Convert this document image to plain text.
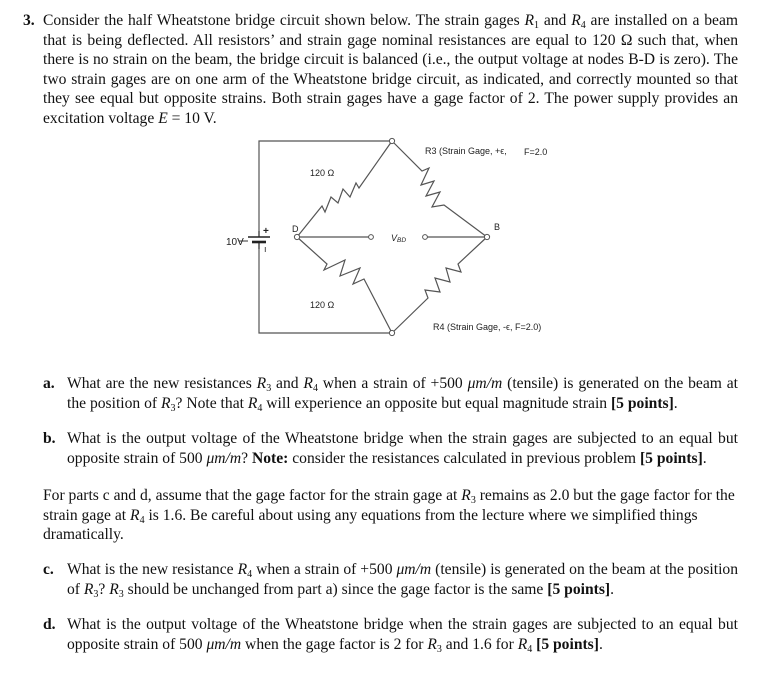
3. Consider the half Wheatstone bridge circuit shown below. The strain gages $R_1$ and $R_4$ are installed on a beam that is being deflected. All resistors’ and strain gage nominal resistances are equal to 120 Ω such that, when there is no strain on the beam, the bridge circuit is balanced (i.e., the output voltage at nodes B-D is zero). The two strain gages are on one arm of the Wheatstone bridge circuit, as indicated, and correctly mounted so that they see equal but opposite strains. Both strain gages have a gage factor of 2. The power supply provides an excitation voltage E = 10 V.
10V
+
ı
D	B
VBD
120 Ω
120 Ω
R3 (Strain Gage, +ϵ, F=2.0
R4 (Strain Gage, -ϵ, F=2.0)
a. What are the new resistances $R_3$ and $R_4$ when a strain of +500 μm/m (tensile) is generated on the beam at the position of $R_3$? Note that $R_4$ will experience an opposite but equal magnitude strain [5 points].
b. What is the output voltage of the Wheatstone bridge when the strain gages are subjected to an equal but opposite strain of 500 μm/m? Note: consider the resistances calculated in previous problem [5 points].
For parts c and d, assume that the gage factor for the strain gage at $R_3$ remains as 2.0 but the gage factor for the strain gage at $R_4$ is 1.6. Be careful about using any equations from the lecture where we simplified things dramatically.
c. What is the new resistance $R_4$ when a strain of +500 μm/m (tensile) is generated on the beam at the position of $R_3$? $R_3$ should be unchanged from part a) since the gage factor is the same [5 points].
d. What is the output voltage of the Wheatstone bridge when the strain gages are subjected to an equal but opposite strain of 500 μm/m when the gage factor is 2 for $R_3$ and 1.6 for $R_4$ [5 points].
